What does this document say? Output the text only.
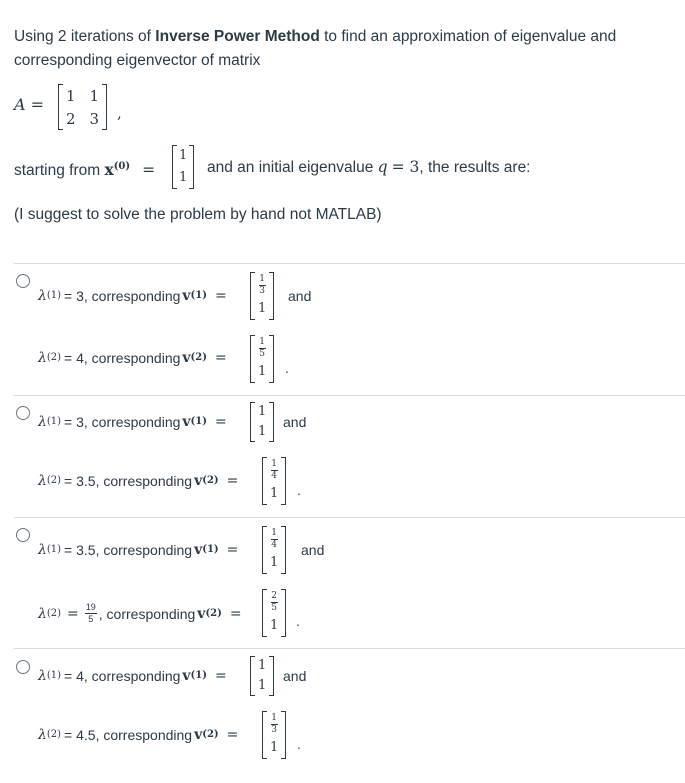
Using 2 iterations of Inverse Power Method to find an approximation of eigenvalue and
corresponding eigenvector of matrix
A = 1 1
2 3 ,
starting from $x^{(0)}$ =
1
1
and an initial eigenvalue q = 3, the results are:
(I suggest to solve the problem by hand not MATLAB)
λ (1) = 3, corresponding v (1) =
$\frac{1}{3}$
1
and
λ (2) = 4, corresponding v (2) =	$\frac{1}{5}$
1 .
λ (1) = 3, corresponding v (1) =
1
1
and
λ (2) = 3.5, corresponding v (2) =
$\frac{1}{4}$
1 .
λ (1) = 3.5, corresponding v (1) =
$\frac{1}{4}$
1
and
λ $(2) = \frac{19}{5}$ , corresponding v (2) =
$\frac{2}{5}$
1 .
λ (1) = 4, corresponding v (1) =
1
1
and
λ (2) = 4.5, corresponding v (2) =
$\frac{1}{3}$
1 .
